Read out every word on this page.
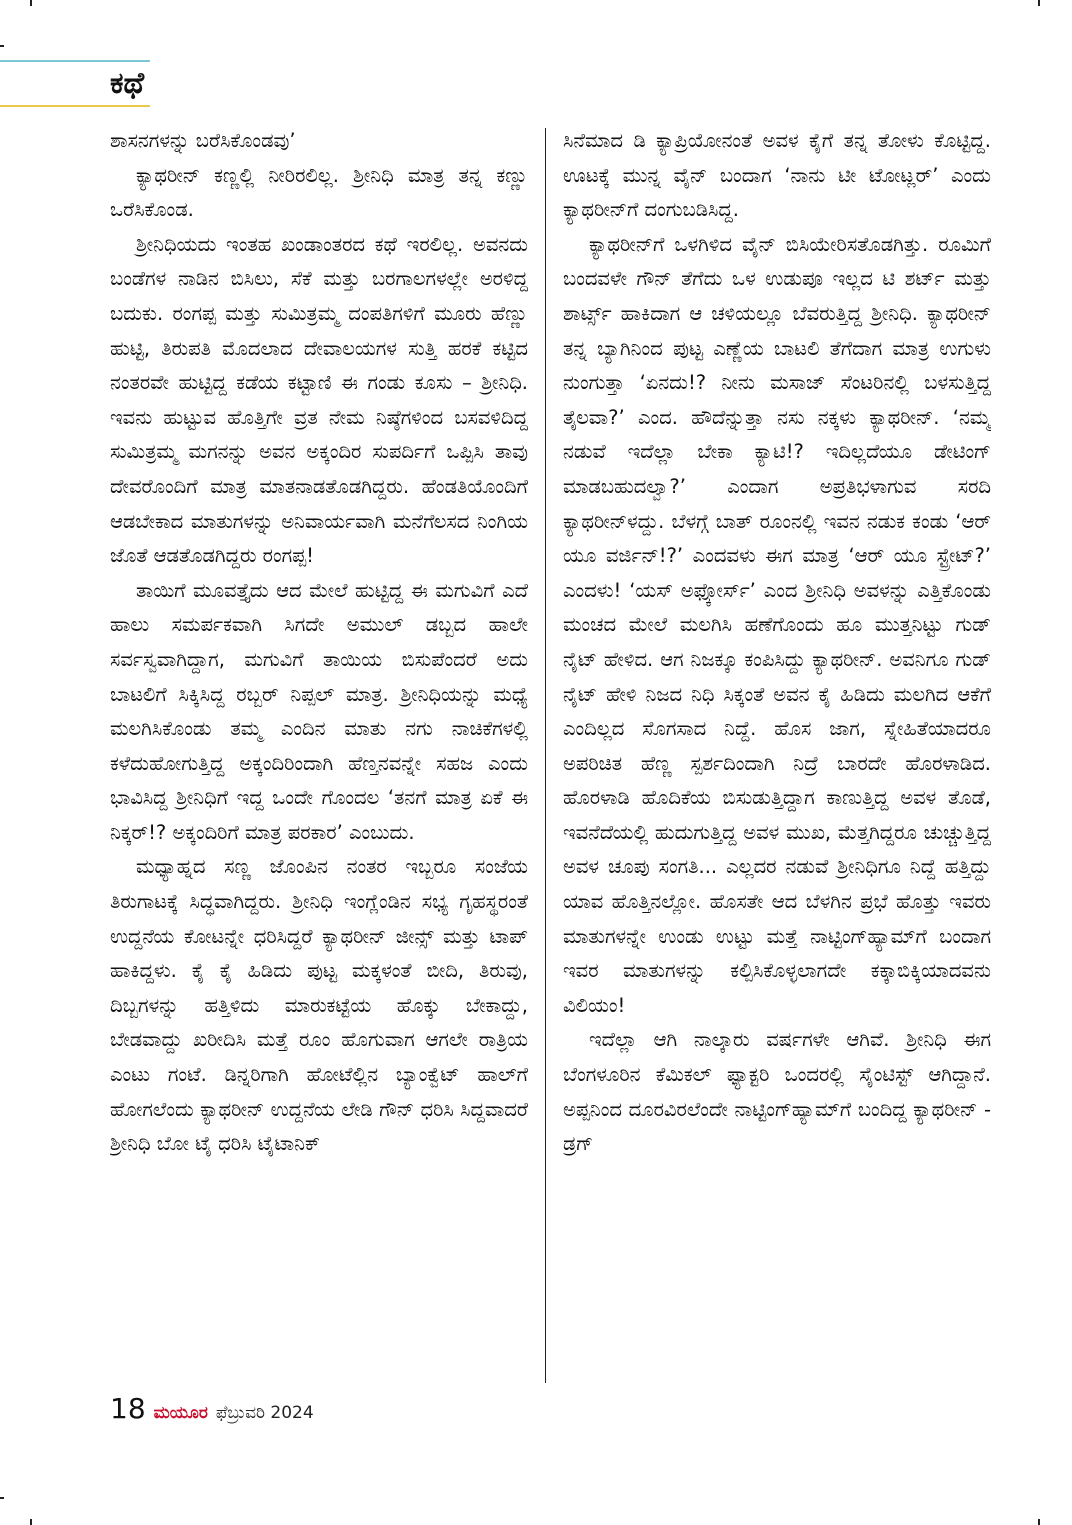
ಕಥೆ

ಶಾಸನಗಳನ್ನು ಬರೆಸಿಕೊಂಡವು’

ಕ್ಯಾಥರೀನ್ ಕಣ್ಣಲ್ಲಿ ನೀರಿರಲಿಲ್ಲ. ಶ್ರೀನಿಧಿ ಮಾತ್ರ ತನ್ನ ಕಣ್ಣು ಒರೆಸಿಕೊಂಡ.

ಶ್ರೀನಿಧಿಯದು ಇಂತಹ ಖಂಡಾಂತರದ ಕಥೆ ಇರಲಿಲ್ಲ. ಅವನದು ಬಂಡೆಗಳ ನಾಡಿನ ಬಿಸಿಲು, ಸೆಕೆ ಮತ್ತು ಬರಗಾಲಗಳಲ್ಲೇ ಅರಳಿದ್ದ ಬದುಕು. ರಂಗಪ್ಪ ಮತ್ತು ಸುಮಿತ್ರಮ್ಮ ದಂಪತಿಗಳಿಗೆ ಮೂರು ಹೆಣ್ಣು ಹುಟ್ಟಿ, ತಿರುಪತಿ ಮೊದಲಾದ ದೇವಾಲಯಗಳ ಸುತ್ತಿ ಹರಕೆ ಕಟ್ಟಿದ ನಂತರವೇ ಹುಟ್ಟಿದ್ದ ಕಡೆಯ ಕಟ್ಟಾಣಿ ಈ ಗಂಡು ಕೂಸು – ಶ್ರೀನಿಧಿ. ಇವನು ಹುಟ್ಟುವ ಹೊತ್ತಿಗೇ ವ್ರತ ನೇಮ ನಿಷ್ಠೆಗಳಿಂದ ಬಸವಳಿದಿದ್ದ ಸುಮಿತ್ರಮ್ಮ ಮಗನನ್ನು ಅವನ ಅಕ್ಕಂದಿರ ಸುಪರ್ದಿಗೆ ಒಪ್ಪಿಸಿ ತಾವು ದೇವರೊಂದಿಗೆ ಮಾತ್ರ ಮಾತನಾಡತೊಡಗಿದ್ದರು. ಹೆಂಡತಿಯೊಂದಿಗೆ ಆಡಬೇಕಾದ ಮಾತುಗಳನ್ನು ಅನಿವಾರ್ಯವಾಗಿ ಮನೆಗೆಲಸದ ನಿಂಗಿಯ ಜೊತೆ ಆಡತೊಡಗಿದ್ದರು ರಂಗಪ್ಪ!

ತಾಯಿಗೆ ಮೂವತ್ತೈದು ಆದ ಮೇಲೆ ಹುಟ್ಟಿದ್ದ ಈ ಮಗುವಿಗೆ ಎದೆ ಹಾಲು ಸಮರ್ಪಕವಾಗಿ ಸಿಗದೇ ಅಮುಲ್ ಡಬ್ಬದ ಹಾಲೇ ಸರ್ವಸ್ವವಾಗಿದ್ದಾಗ, ಮಗುವಿಗೆ ತಾಯಿಯ ಬಿಸುಪೆಂದರೆ ಅದು ಬಾಟಲಿಗೆ ಸಿಕ್ಕಿಸಿದ್ದ ರಬ್ಬರ್ ನಿಪ್ಪಲ್ ಮಾತ್ರ. ಶ್ರೀನಿಧಿಯನ್ನು ಮಧ್ಯೆ ಮಲಗಿಸಿಕೊಂಡು ತಮ್ಮ ಎಂದಿನ ಮಾತು ನಗು ನಾಚಿಕೆಗಳಲ್ಲಿ ಕಳೆದುಹೋಗುತ್ತಿದ್ದ ಅಕ್ಕಂದಿರಿಂದಾಗಿ ಹೆಣ್ತನವನ್ನೇ ಸಹಜ ಎಂದು ಭಾವಿಸಿದ್ದ ಶ್ರೀನಿಧಿಗೆ ಇದ್ದ ಒಂದೇ ಗೊಂದಲ ‘ತನಗೆ ಮಾತ್ರ ಏಕೆ ಈ ನಿಕ್ಕರ್!? ಅಕ್ಕಂದಿರಿಗೆ ಮಾತ್ರ ಪರಕಾರ’ ಎಂಬುದು.

ಮಧ್ಯಾಹ್ನದ ಸಣ್ಣ ಜೊಂಪಿನ ನಂತರ ಇಬ್ಬರೂ ಸಂಜೆಯ ತಿರುಗಾಟಕ್ಕೆ ಸಿದ್ಧವಾಗಿದ್ದರು. ಶ್ರೀನಿಧಿ ಇಂಗ್ಲೆಂಡಿನ ಸಭ್ಯ ಗೃಹಸ್ಥರಂತೆ ಉದ್ದನೆಯ ಕೋಟನ್ನೇ ಧರಿಸಿದ್ದರೆ ಕ್ಯಾಥರೀನ್ ಜೀನ್ಸ್ ಮತ್ತು ಟಾಪ್ ಹಾಕಿದ್ದಳು. ಕೈ ಕೈ ಹಿಡಿದು ಪುಟ್ಟ ಮಕ್ಕಳಂತೆ ಬೀದಿ, ತಿರುವು, ದಿಬ್ಬಗಳನ್ನು ಹತ್ತಿಳಿದು ಮಾರುಕಟ್ಟೆಯ ಹೊಕ್ಕು ಬೇಕಾದ್ದು, ಬೇಡವಾದ್ದು ಖರೀದಿಸಿ ಮತ್ತೆ ರೂಂ ಹೊಗುವಾಗ ಆಗಲೇ ರಾತ್ರಿಯ ಎಂಟು ಗಂಟೆ. ಡಿನ್ನರಿಗಾಗಿ ಹೋಟೆಲ್ಲಿನ ಬ್ಯಾಂಕ್ವೆಟ್ ಹಾಲ್‌ಗೆ ಹೋಗಲೆಂದು ಕ್ಯಾಥರೀನ್ ಉದ್ದನೆಯ ಲೇಡಿ ಗೌನ್ ಧರಿಸಿ ಸಿದ್ದವಾದರೆ ಶ್ರೀನಿಧಿ ಬೋ ಟೈ ಧರಿಸಿ ಟೈಟಾನಿಕ್

ಸಿನೆಮಾದ ಡಿ ಕ್ಯಾಪ್ರಿಯೋನಂತೆ ಅವಳ ಕೈಗೆ ತನ್ನ ತೋಳು ಕೊಟ್ಟಿದ್ದ. ಊಟಕ್ಕೆ ಮುನ್ನ ವೈನ್ ಬಂದಾಗ ‘ನಾನು ಟೀ ಟೋಟ್ಲರ್’ ಎಂದು ಕ್ಯಾಥರೀನ್‌ಗೆ ದಂಗುಬಡಿಸಿದ್ದ.

ಕ್ಯಾಥರೀನ್‌ಗೆ ಒಳಗಿಳಿದ ವೈನ್ ಬಿಸಿಯೇರಿಸತೊಡಗಿತ್ತು. ರೂಮಿಗೆ ಬಂದವಳೇ ಗೌನ್ ತೆಗೆದು ಒಳ ಉಡುಪೂ ಇಲ್ಲದ ಟಿ ಶರ್ಟ್ ಮತ್ತು ಶಾರ್ಟ್ಸ್ ಹಾಕಿದಾಗ ಆ ಚಳಿಯಲ್ಲೂ ಬೆವರುತ್ತಿದ್ದ ಶ್ರೀನಿಧಿ. ಕ್ಯಾಥರೀನ್ ತನ್ನ ಬ್ಯಾಗಿನಿಂದ ಪುಟ್ಟ ಎಣ್ಣೆಯ ಬಾಟಲಿ ತೆಗೆದಾಗ ಮಾತ್ರ ಉಗುಳು ನುಂಗುತ್ತಾ ‘ಏನದು!? ನೀನು ಮಸಾಜ್ ಸೆಂಟರಿನಲ್ಲಿ ಬಳಸುತ್ತಿದ್ದ ತೈಲವಾ?’ ಎಂದ. ಹೌದೆನ್ನುತ್ತಾ ನಸು ನಕ್ಕಳು ಕ್ಯಾಥರೀನ್. ‘ನಮ್ಮ ನಡುವೆ ಇದೆಲ್ಲಾ ಬೇಕಾ ಕ್ಯಾಟಿ!? ಇದಿಲ್ಲದೆಯೂ ಡೇಟಿಂಗ್ ಮಾಡಬಹುದಲ್ವಾ?’ ಎಂದಾಗ ಅಪ್ರತಿಭಳಾಗುವ ಸರದಿ ಕ್ಯಾಥರೀನ್‌ಳದ್ದು. ಬೆಳಗ್ಗೆ ಬಾತ್ ರೂಂನಲ್ಲಿ ಇವನ ನಡುಕ ಕಂಡು ‘ಆರ್ ಯೂ ವರ್ಜಿನ್!?’ ಎಂದವಳು ಈಗ ಮಾತ್ರ ‘ಆರ್ ಯೂ ಸ್ಟ್ರೇಟ್?’ ಎಂದಳು! ‘ಯಸ್ ಅಫ್ಕೋರ್ಸ್’ ಎಂದ ಶ್ರೀನಿಧಿ ಅವಳನ್ನು ಎತ್ತಿಕೊಂಡು ಮಂಚದ ಮೇಲೆ ಮಲಗಿಸಿ ಹಣೆಗೊಂದು ಹೂ ಮುತ್ತನಿಟ್ಟು ಗುಡ್ ನೈಟ್ ಹೇಳಿದ. ಆಗ ನಿಜಕ್ಕೂ ಕಂಪಿಸಿದ್ದು ಕ್ಯಾಥರೀನ್. ಅವನಿಗೂ ಗುಡ್ ನೈಟ್ ಹೇಳಿ ನಿಜದ ನಿಧಿ ಸಿಕ್ಕಂತೆ ಅವನ ಕೈ ಹಿಡಿದು ಮಲಗಿದ ಆಕೆಗೆ ಎಂದಿಲ್ಲದ ಸೊಗಸಾದ ನಿದ್ದೆ. ಹೊಸ ಜಾಗ, ಸ್ನೇಹಿತೆಯಾದರೂ ಅಪರಿಚಿತ ಹೆಣ್ಣ ಸ್ಪರ್ಶದಿಂದಾಗಿ ನಿದ್ರೆ ಬಾರದೇ ಹೊರಳಾಡಿದ. ಹೊರಳಾಡಿ ಹೊದಿಕೆಯ ಬಿಸುಡುತ್ತಿದ್ದಾಗ ಕಾಣುತ್ತಿದ್ದ ಅವಳ ತೊಡೆ, ಇವನೆದೆಯಲ್ಲಿ ಹುದುಗುತ್ತಿದ್ದ ಅವಳ ಮುಖ, ಮೆತ್ತಗಿದ್ದರೂ ಚುಚ್ಚುತ್ತಿದ್ದ ಅವಳ ಚೂಪು ಸಂಗತಿ... ಎಲ್ಲದರ ನಡುವೆ ಶ್ರೀನಿಧಿಗೂ ನಿದ್ದೆ ಹತ್ತಿದ್ದು ಯಾವ ಹೊತ್ತಿನಲ್ಲೋ. ಹೊಸತೇ ಆದ ಬೆಳಗಿನ ಪ್ರಭೆ ಹೊತ್ತು ಇವರು ಮಾತುಗಳನ್ನೇ ಉಂಡು ಉಟ್ಟು ಮತ್ತೆ ನಾಟ್ಟಿಂಗ್‌ಹ್ಯಾಮ್‌ಗೆ ಬಂದಾಗ ಇವರ ಮಾತುಗಳನ್ನು ಕಲ್ಪಿಸಿಕೊಳ್ಳಲಾಗದೇ ಕಕ್ಕಾಬಿಕ್ಕಿಯಾದವನು ವಿಲಿಯಂ!

ಇದೆಲ್ಲಾ ಆಗಿ ನಾಲ್ಕಾರು ವರ್ಷಗಳೇ ಆಗಿವೆ. ಶ್ರೀನಿಧಿ ಈಗ ಬೆಂಗಳೂರಿನ ಕೆಮಿಕಲ್ ಫ್ಯಾಕ್ಟರಿ ಒಂದರಲ್ಲಿ ಸೈಂಟಿಸ್ಟ್ ಆಗಿದ್ದಾನೆ. ಅಪ್ಪನಿಂದ ದೂರವಿರಲೆಂದೇ ನಾಟ್ಟಿಂಗ್‌ಹ್ಯಾಮ್‌ಗೆ ಬಂದಿದ್ದ ಕ್ಯಾಥರೀನ್ - ಡ್ರಗ್

18 ಮಯೂರ ಫೆಬ್ರುವರಿ 2024
